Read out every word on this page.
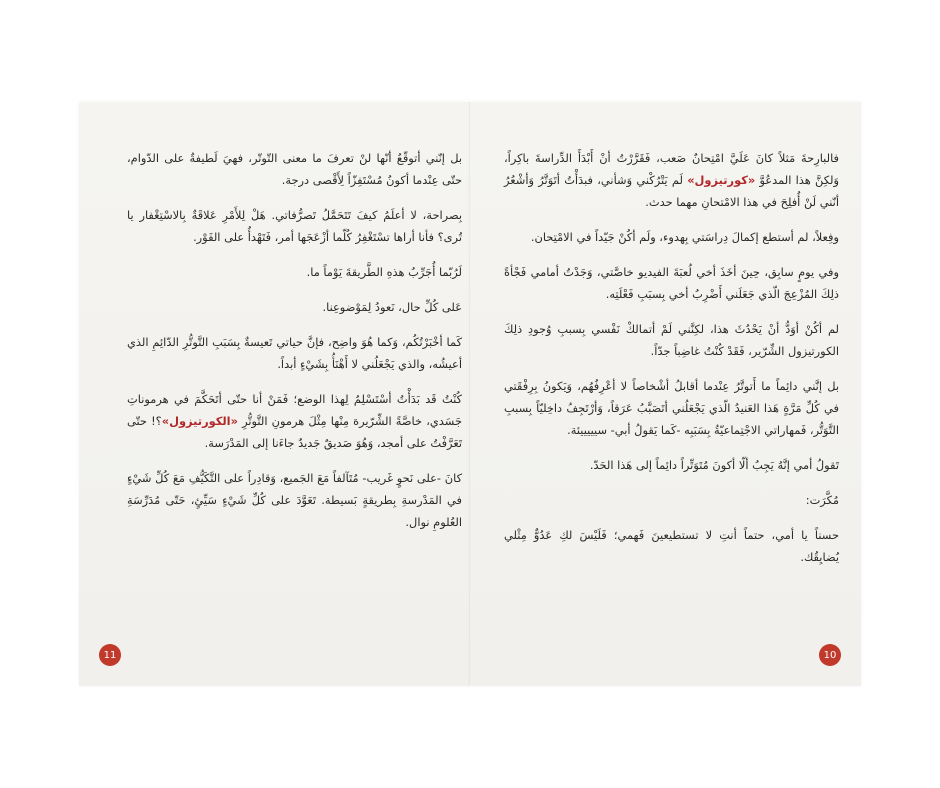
بل إنّني أتوقّعُ أنّها لنْ تعرفَ ما معنى التّوتّر، فهيَ لَطيفةٌ على الدّوام، حتّى عِنْدما أكونُ مُسْتَفِزّاً لِأَقْصى درجة.

بِصراحة، لا أعلَمُ كيفَ تَتَحَمَّلُ تَصرُّفاتي. هَلْ لِلأَمْرِ عَلاقَةٌ بِالاسْتِغْفار يا تُرى؟ فأنا أراها تسْتَغْفِرُ كُلّما أزْعَجَها أمر، فَتَهْدأُ على الفَوْر.

لَرُبّما أُجَرِّبُ هذهِ الطَّريقةَ يَوْماً ما.

عَلى كُلِّ حال، نَعودُ لِمَوْضوعِنا.

كَما أخْبَرْتُكُم، وَكما هُوَ واضِح، فإنَّ حياتي تَعيسةٌ بِسَبَبِ التَّوتُّرِ الدّائِمِ الذي أعيشُه، والذي يَجْعَلُني لا أَهْنَأُ بِشَيْءٍ أبداً.

كُنْتُ قَد بَدَأْتُ أسْتَسْلِمُ لِهذا الوضع؛ فَمَنْ أنا حتّى أتَحَكَّمَ في هرموناتِ جَسَدي، خاصَّةً الشِّرّيرة مِنْها مِثْلَ هرمونِ التَّوتُّرِ «الكورتيزول»؟! حتّى تَعَرَّفْتُ على أمجد، وَهُوَ صَديقٌ جَديدٌ جاءَنا إلى المَدْرَسة.

كانَ -على نَحوٍ غَريب- مُتَآلفاً مَعَ الجَميع، وَقادِراً على التَّكَيُّفِ مَعَ كُلِّ شَيْءٍ في المَدْرسةِ بِطريقةٍ بَسيطة. تَعَوَّدَ على كُلِّ شَيْءٍ سَيِّئٍ، حَتّى مُدَرِّسَةِ العُلومِ نوال.

11

فالبارِحةَ مَثلاً كانَ عَلَيَّ امْتِحانٌ صَعب، فَقَرَّرْتُ أنْ أَبْدَأَ الدِّراسةَ باكِراً، وَلكِنَّ هذا المدعُوَّ «كورتيزول» لَم يَتْرُكْني وَشأني، فبدَأْتُ أتَوَتَّرُ وَأشْعُرُ أنّني لَنْ أُفلِحَ في هذا الامْتحانِ مهما حدث.

وفِعلاً، لم أستطع إكمالَ دِراسَتي بِهدوء، ولَم أكُنْ جَيّداً في الامْتِحان.

وفي يومٍ سابِق، حِينَ أخَذَ أخي لُعبَةَ الفيديو خاصَّتي، وَجَدْتُ أمامي فَجْأةً ذلِكَ المُزْعِجَ الّذي جَعَلَني أَضْرِبُ أخي بِسبَبِ فَعْلَتِه.

لم أكُنْ أوَدُّ أنْ يَحْدُثَ هذا، لكِنَّني لَمْ أتمالكْ نَفْسي بِسببِ وُجودِ ذلِكَ الكورتيزول الشِّرّير، فَقَدْ كُنْتُ غاضِباً جدّاً.

بل إنَّني دائِماً ما أَتوتَّرُ عِنْدما أقابلُ أشْخاصاً لا أعْرِفُهُم، وَيَكونُ بِرِفْقَتي في كُلِّ مَرَّةٍ هَذا العَنيدُ الّذي يَجْعَلُني أتَصَبَّبُ عَرَقاً، وَأرْتَجِفُ داخِليّاً بِسببِ التَّوَتُّر، فَمهاراتي الاجْتِماعيّةُ بِسَبَبِه -كَما يَقولُ أبي- سيييييئة.

تَقولُ أمي إنَّهُ يَجِبُ ألّا أكونَ مُتَوَتِّراً دائِماً إلى هَذا الحَدّ.

مُكَّرَت:

حسناً يا أمي، حتماً أنتِ لا تستطيعينَ فَهمي؛ فَلَيْسَ لكِ عَدُوٌّ مِثْلي يُضايِقُك.

10
